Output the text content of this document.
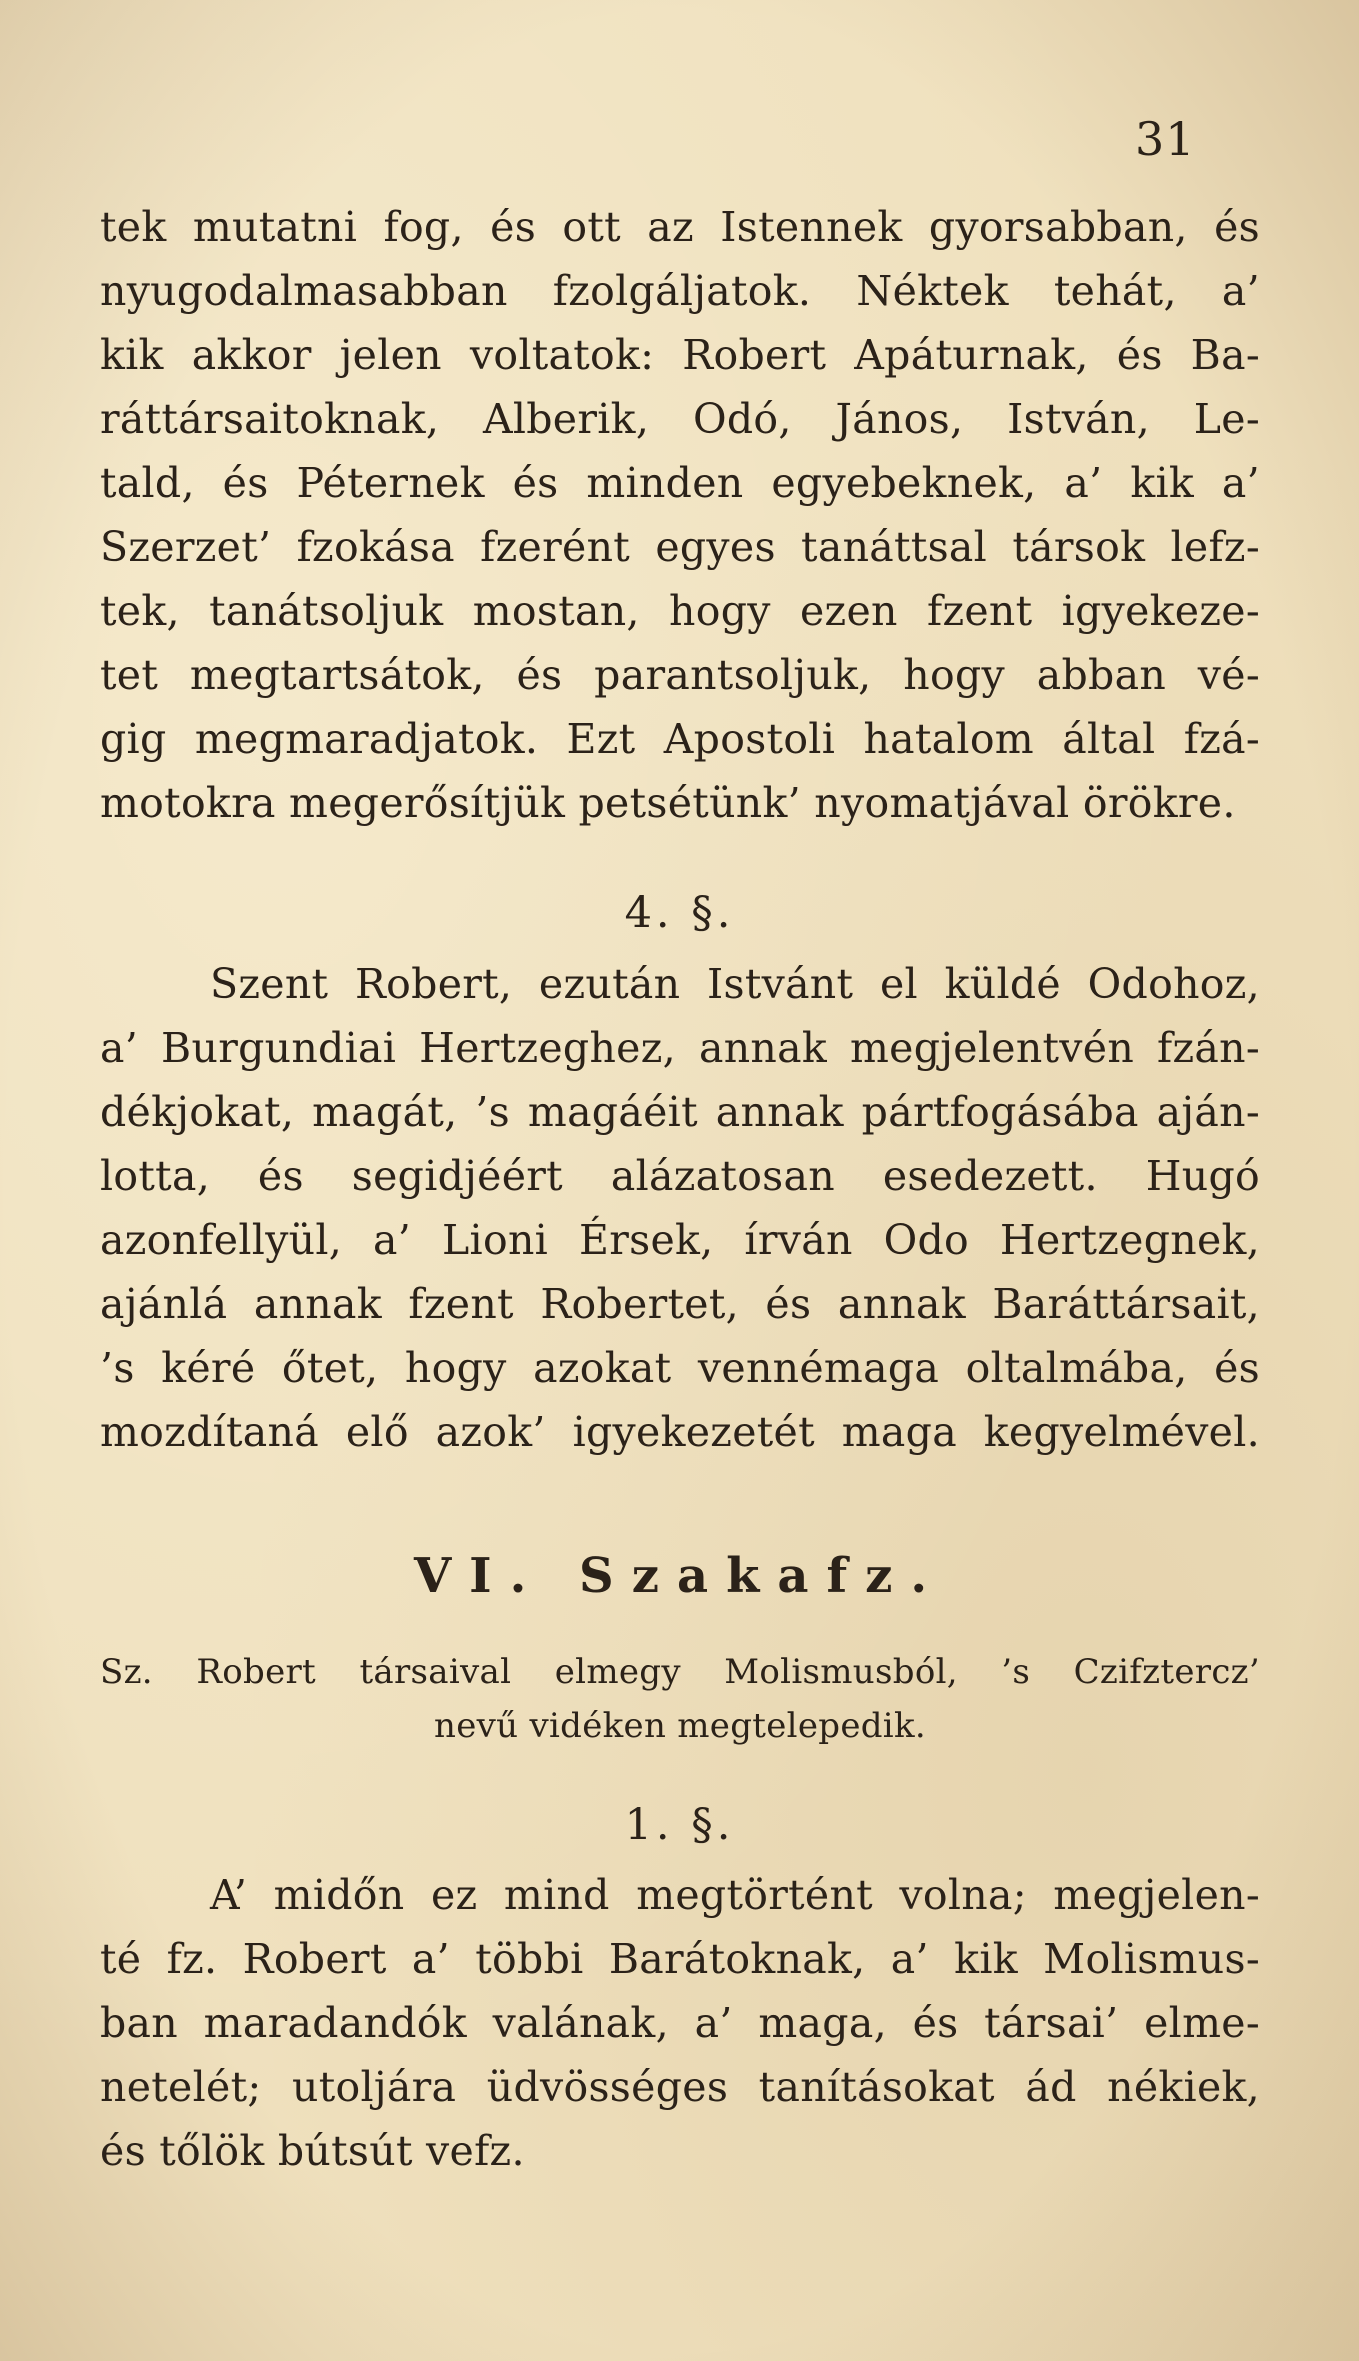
31
tek mutatni fog, és ott az Istennek gyorsabban, és
nyugodalmasabban fzolgáljatok. Néktek tehát, a’
kik akkor jelen voltatok: Robert Apáturnak, és Ba-
ráttársaitoknak, Alberik, Odó, János, István, Le-
tald, és Péternek és minden egyebeknek, a’ kik a’
Szerzet’ fzokása fzerént egyes tanáttsal társok lefz-
tek, tanátsoljuk mostan, hogy ezen fzent igyekeze-
tet megtartsátok, és parantsoljuk, hogy abban vé-
gig megmaradjatok. Ezt Apostoli hatalom által fzá-
motokra megerősítjük petsétünk’ nyomatjával örökre.
4. §.
Szent Robert, ezután Istvánt el küldé Odohoz,
a’ Burgundiai Hertzeghez, annak megjelentvén fzán-
dékjokat, magát, ’s magáéit annak pártfogásába aján-
lotta, és segidjéért alázatosan esedezett. Hugó
azonfellyül, a’ Lioni Érsek, írván Odo Hertzegnek,
ajánlá annak fzent Robertet, és annak Baráttársait,
’s kéré őtet, hogy azokat vennémaga oltalmába, és
mozdítaná elő azok’ igyekezetét maga kegyelmével.
VI. Szakafz.
Sz. Robert társaival elmegy Molismusból, ’s Czifztercz’
nevű vidéken megtelepedik.
1. §.
A’ midőn ez mind megtörtént volna; megjelen-
té fz. Robert a’ többi Barátoknak, a’ kik Molismus-
ban maradandók valának, a’ maga, és társai’ elme-
netelét; utoljára üdvösséges tanításokat ád nékiek,
és tőlök bútsút vefz.
